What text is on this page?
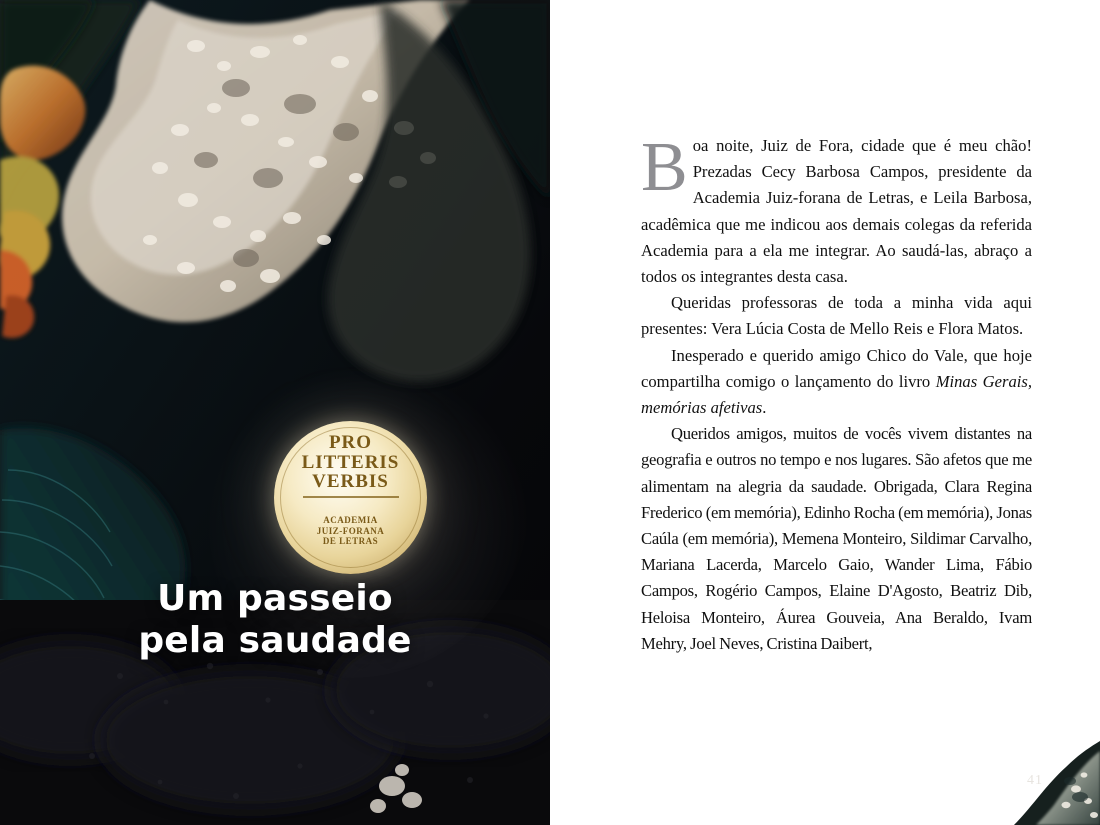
PRO
LITTERIS
VERBIS
ACADEMIA
JUIZ-FORANA
DE LETRAS
Um passeio
pela saudade

Boa noite, Juiz de Fora, cidade que é meu chão! Prezadas Cecy Barbosa Campos, presidente da Academia Juiz-forana de Letras, e Leila Barbosa, acadêmica que me indicou aos demais colegas da referida Academia para a ela me integrar. Ao saudá-las, abraço a todos os integrantes desta casa.

Queridas professoras de toda a minha vida aqui presentes: Vera Lúcia Costa de Mello Reis e Flora Matos.

Inesperado e querido amigo Chico do Vale, que hoje compartilha comigo o lançamento do livro Minas Gerais, memórias afetivas.

Queridos amigos, muitos de vocês vivem distantes na geografia e outros no tempo e nos lugares. São afetos que me alimentam na alegria da saudade. Obrigada, Clara Regina Frederico (em memória), Edinho Rocha (em memória), Jonas Caúla (em memória), Memena Monteiro, Sildimar Carvalho, Mariana Lacerda, Marcelo Gaio, Wander Lima, Fábio Campos, Rogério Campos, Elaine D'Agosto, Beatriz Dib, Heloisa Monteiro, Áurea Gouveia, Ana Beraldo, Ivam Mehry, Joel Neves, Cristina Daibert,

41
